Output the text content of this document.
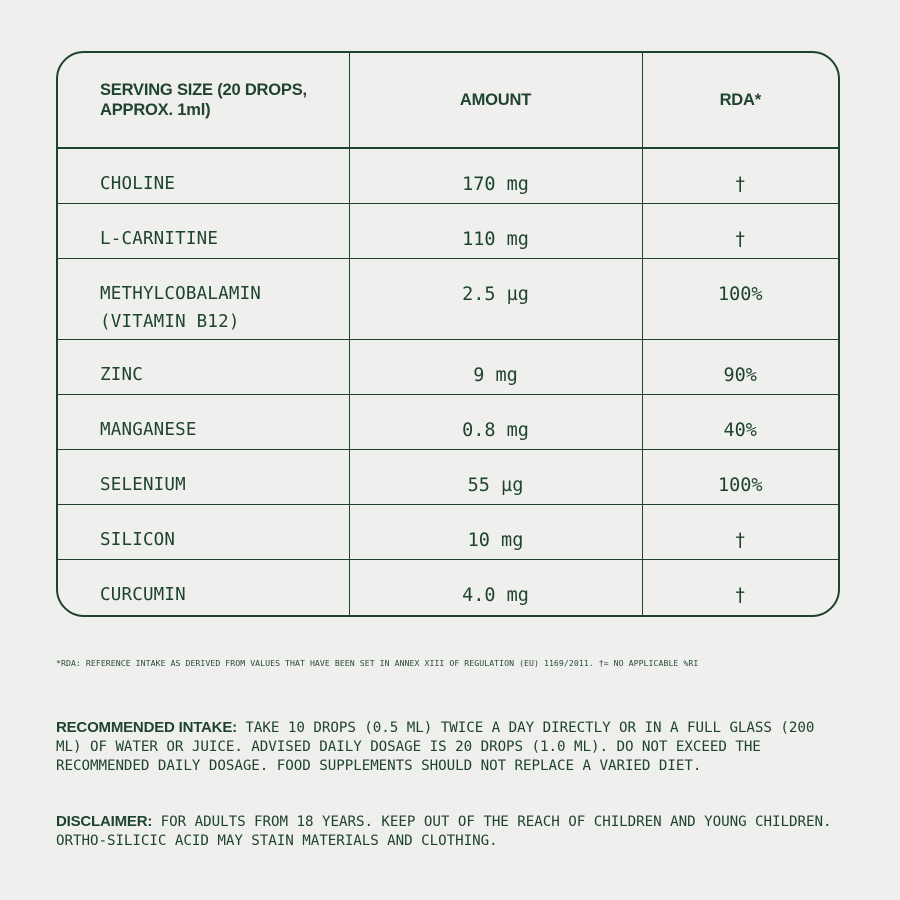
SERVING SIZE (20 DROPS, APPROX. 1ml)	AMOUNT	RDA*
CHOLINE	170 mg	†
L-CARNITINE	110 mg	†
METHYLCOBALAMIN (VITAMIN B12)	2.5 µg	100%
ZINC	9 mg	90%
MANGANESE	0.8 mg	40%
SELENIUM	55 µg	100%
SILICON	10 mg	†
CURCUMIN	4.0 mg	†
*RDA: REFERENCE INTAKE AS DERIVED FROM VALUES THAT HAVE BEEN SET IN ANNEX XIII OF REGULATION (EU) 1169/2011. †= NO APPLICABLE %RI
RECOMMENDED INTAKE: TAKE 10 DROPS (0.5 ML) TWICE A DAY DIRECTLY OR IN A FULL GLASS (200 ML) OF WATER OR JUICE. ADVISED DAILY DOSAGE IS 20 DROPS (1.0 ML). DO NOT EXCEED THE RECOMMENDED DAILY DOSAGE. FOOD SUPPLEMENTS SHOULD NOT REPLACE A VARIED DIET.
DISCLAIMER: FOR ADULTS FROM 18 YEARS. KEEP OUT OF THE REACH OF CHILDREN AND YOUNG CHILDREN. ORTHO-SILICIC ACID MAY STAIN MATERIALS AND CLOTHING.
